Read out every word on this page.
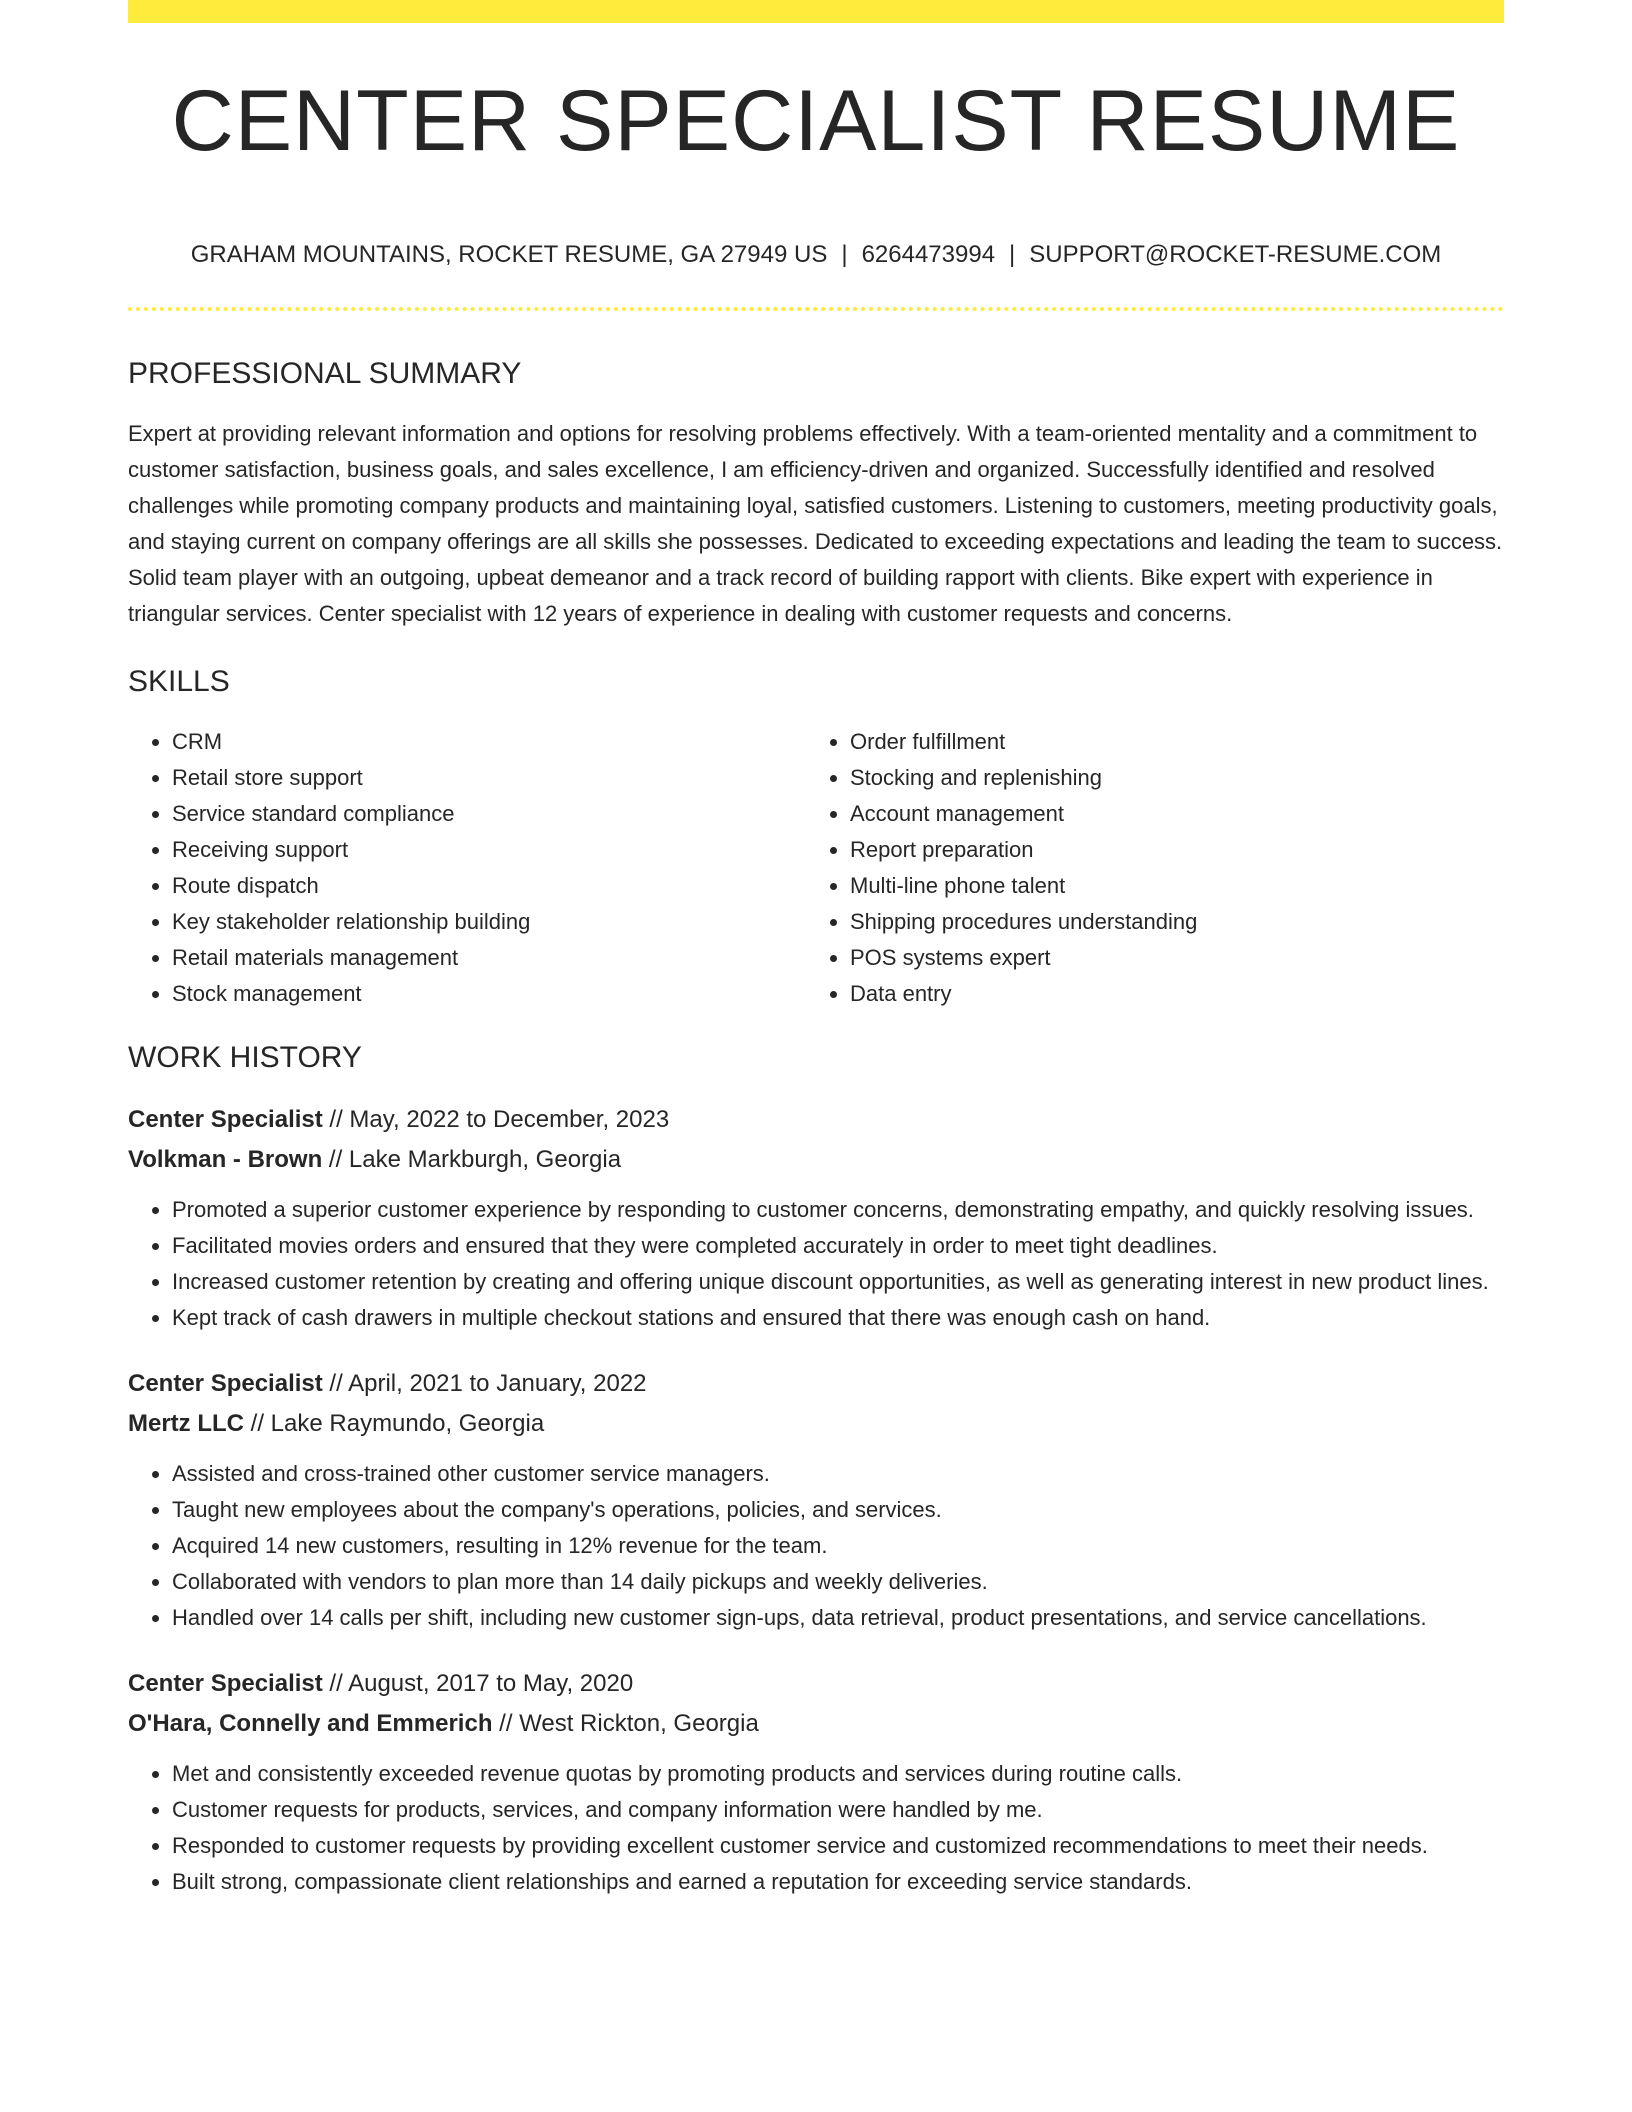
CENTER SPECIALIST RESUME
GRAHAM MOUNTAINS, ROCKET RESUME, GA 27949 US | 6264473994 | SUPPORT@ROCKET-RESUME.COM
PROFESSIONAL SUMMARY

Expert at providing relevant information and options for resolving problems effectively. With a team-oriented mentality and a commitment to customer satisfaction, business goals, and sales excellence, I am efficiency-driven and organized. Successfully identified and resolved challenges while promoting company products and maintaining loyal, satisfied customers. Listening to customers, meeting productivity goals, and staying current on company offerings are all skills she possesses. Dedicated to exceeding expectations and leading the team to success. Solid team player with an outgoing, upbeat demeanor and a track record of building rapport with clients. Bike expert with experience in triangular services. Center specialist with 12 years of experience in dealing with customer requests and concerns.

SKILLS
• CRM
• Retail store support
• Service standard compliance
• Receiving support
• Route dispatch
• Key stakeholder relationship building
• Retail materials management
• Stock management
• Order fulfillment
• Stocking and replenishing
• Account management
• Report preparation
• Multi-line phone talent
• Shipping procedures understanding
• POS systems expert
• Data entry
WORK HISTORY
Center Specialist // May, 2022 to December, 2023
Volkman - Brown // Lake Markburgh, Georgia
• Promoted a superior customer experience by responding to customer concerns, demonstrating empathy, and quickly resolving issues.
• Facilitated movies orders and ensured that they were completed accurately in order to meet tight deadlines.
• Increased customer retention by creating and offering unique discount opportunities, as well as generating interest in new product lines.
• Kept track of cash drawers in multiple checkout stations and ensured that there was enough cash on hand.
Center Specialist // April, 2021 to January, 2022
Mertz LLC // Lake Raymundo, Georgia
• Assisted and cross-trained other customer service managers.
• Taught new employees about the company's operations, policies, and services.
• Acquired 14 new customers, resulting in 12% revenue for the team.
• Collaborated with vendors to plan more than 14 daily pickups and weekly deliveries.
• Handled over 14 calls per shift, including new customer sign-ups, data retrieval, product presentations, and service cancellations.
Center Specialist // August, 2017 to May, 2020
O'Hara, Connelly and Emmerich // West Rickton, Georgia
• Met and consistently exceeded revenue quotas by promoting products and services during routine calls.
• Customer requests for products, services, and company information were handled by me.
• Responded to customer requests by providing excellent customer service and customized recommendations to meet their needs.
• Built strong, compassionate client relationships and earned a reputation for exceeding service standards.
